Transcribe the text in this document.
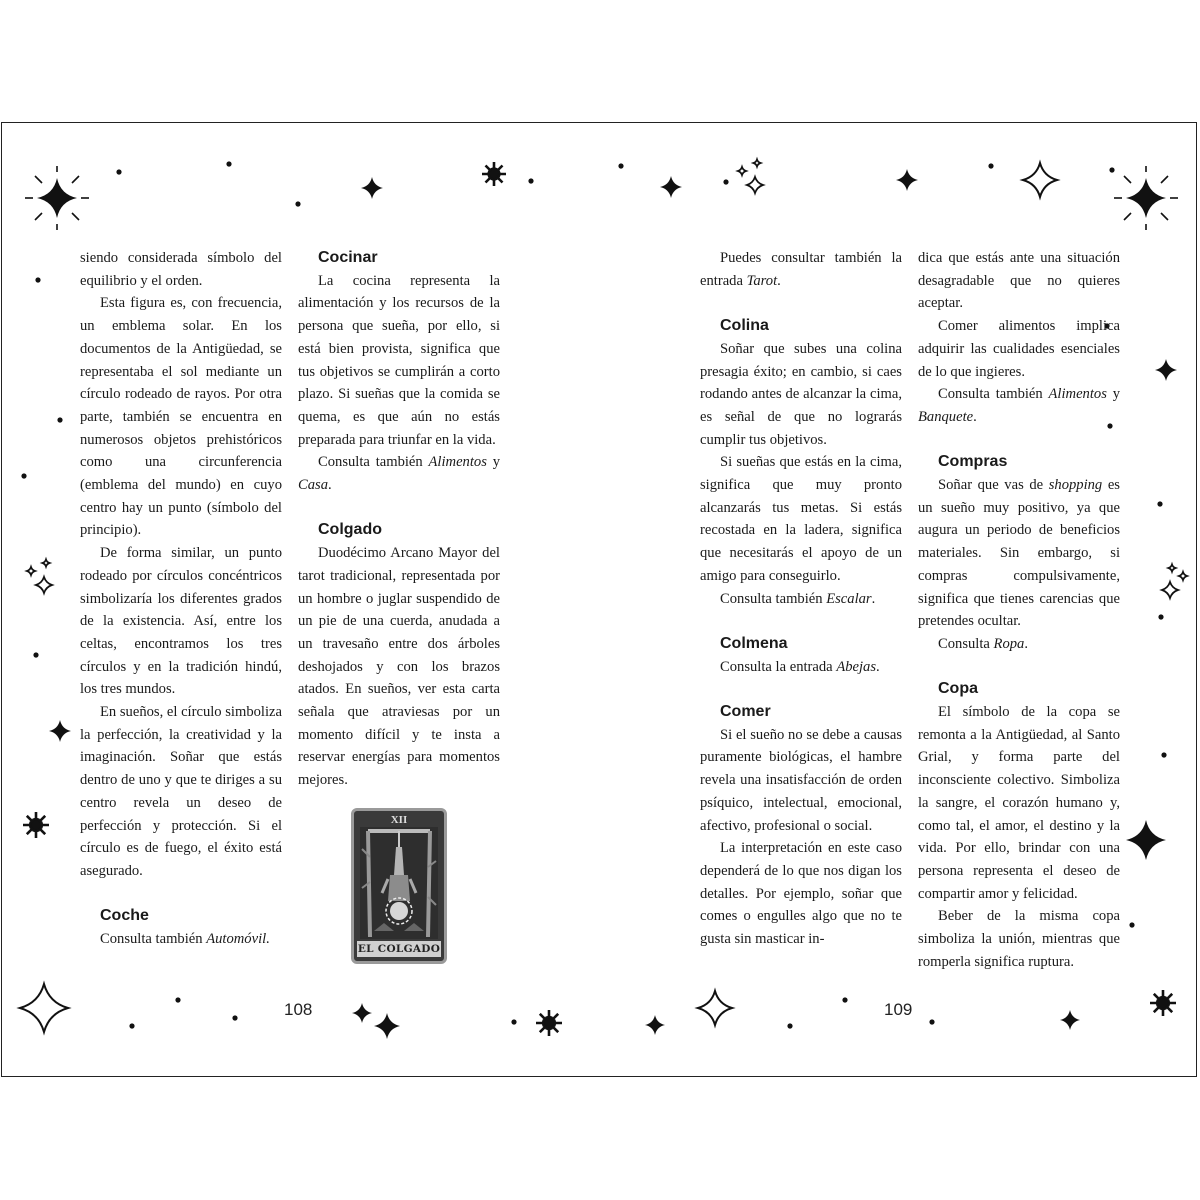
siendo considerada símbolo del equilibrio y el orden.

Esta figura es, con frecuencia, un emblema solar. En los documentos de la Antigüedad, se representaba el sol mediante un círculo rodeado de rayos. Por otra parte, también se encuentra en numerosos objetos prehistóricos como una circunferencia (emblema del mundo) en cuyo centro hay un punto (símbolo del principio).

De forma similar, un punto rodeado por círculos concéntricos simbolizaría los diferentes grados de la existencia. Así, entre los celtas, encontramos los tres círculos y en la tradición hindú, los tres mundos.

En sueños, el círculo simboliza la perfección, la creatividad y la imaginación. Soñar que estás dentro de uno y que te diriges a su centro revela un deseo de perfección y protección. Si el círculo es de fuego, el éxito está asegurado.

Coche

Consulta también Automóvil.

Cocinar

La cocina representa la alimentación y los recursos de la persona que sueña, por ello, si está bien provista, significa que tus objetivos se cumplirán a corto plazo. Si sueñas que la comida se quema, es que aún no estás preparada para triunfar en la vida.

Consulta también Alimentos y Casa.

Colgado

Duodécimo Arcano Mayor del tarot tradicional, representada por un hombre o juglar suspendido de un pie de una cuerda, anudada a un travesaño entre dos árboles deshojados y con los brazos atados. En sueños, ver esta carta señala que atraviesas por un momento difícil y te insta a reservar energías para momentos mejores.

XII
EL COLGADO
108

Puedes consultar también la entrada Tarot.

Colina

Soñar que subes una colina presagia éxito; en cambio, si caes rodando antes de alcanzar la cima, es señal de que no lograrás cumplir tus objetivos.

Si sueñas que estás en la cima, significa que muy pronto alcanzarás tus metas. Si estás recostada en la ladera, significa que necesitarás el apoyo de un amigo para conseguirlo.

Consulta también Escalar.

Colmena

Consulta la entrada Abejas.

Comer

Si el sueño no se debe a causas puramente biológicas, el hambre revela una insatisfacción de orden psíquico, intelectual, emocional, afectivo, profesional o social.

La interpretación en este caso dependerá de lo que nos digan los detalles. Por ejemplo, soñar que comes o engulles algo que no te gusta sin masticar in-

dica que estás ante una situación desagradable que no quieres aceptar.

Comer alimentos implica adquirir las cualidades esenciales de lo que ingieres.

Consulta también Alimentos y Banquete.

Compras

Soñar que vas de shopping es un sueño muy positivo, ya que augura un periodo de beneficios materiales. Sin embargo, si compras compulsivamente, significa que tienes carencias que pretendes ocultar.

Consulta Ropa.

Copa

El símbolo de la copa se remonta a la Antigüedad, al Santo Grial, y forma parte del inconsciente colectivo. Simboliza la sangre, el corazón humano y, como tal, el amor, el destino y la vida. Por ello, brindar con una persona representa el deseo de compartir amor y felicidad.

Beber de la misma copa simboliza la unión, mientras que romperla significa ruptura.

109
